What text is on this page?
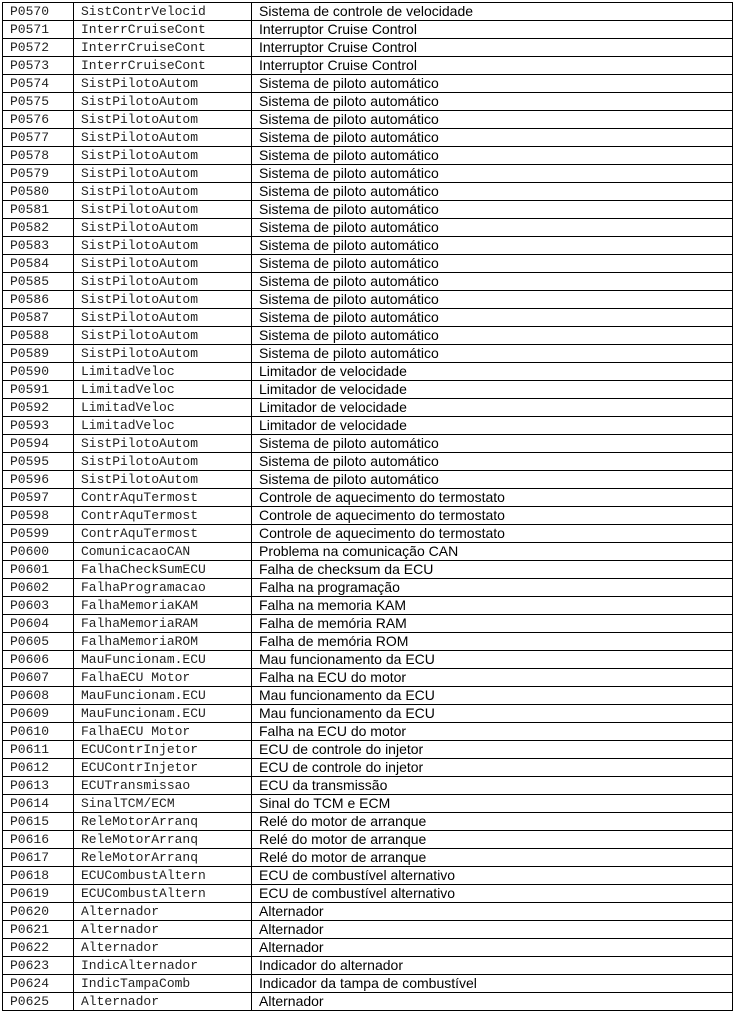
P0570	SistContrVelocid	Sistema de controle de velocidade
P0571	InterrCruiseCont	Interruptor Cruise Control
P0572	InterrCruiseCont	Interruptor Cruise Control
P0573	InterrCruiseCont	Interruptor Cruise Control
P0574	SistPilotoAutom	Sistema de piloto automático
P0575	SistPilotoAutom	Sistema de piloto automático
P0576	SistPilotoAutom	Sistema de piloto automático
P0577	SistPilotoAutom	Sistema de piloto automático
P0578	SistPilotoAutom	Sistema de piloto automático
P0579	SistPilotoAutom	Sistema de piloto automático
P0580	SistPilotoAutom	Sistema de piloto automático
P0581	SistPilotoAutom	Sistema de piloto automático
P0582	SistPilotoAutom	Sistema de piloto automático
P0583	SistPilotoAutom	Sistema de piloto automático
P0584	SistPilotoAutom	Sistema de piloto automático
P0585	SistPilotoAutom	Sistema de piloto automático
P0586	SistPilotoAutom	Sistema de piloto automático
P0587	SistPilotoAutom	Sistema de piloto automático
P0588	SistPilotoAutom	Sistema de piloto automático
P0589	SistPilotoAutom	Sistema de piloto automático
P0590	LimitadVeloc	Limitador de velocidade
P0591	LimitadVeloc	Limitador de velocidade
P0592	LimitadVeloc	Limitador de velocidade
P0593	LimitadVeloc	Limitador de velocidade
P0594	SistPilotoAutom	Sistema de piloto automático
P0595	SistPilotoAutom	Sistema de piloto automático
P0596	SistPilotoAutom	Sistema de piloto automático
P0597	ContrAquTermost	Controle de aquecimento do termostato
P0598	ContrAquTermost	Controle de aquecimento do termostato
P0599	ContrAquTermost	Controle de aquecimento do termostato
P0600	ComunicacaoCAN	Problema na comunicação CAN
P0601	FalhaCheckSumECU	Falha de checksum da ECU
P0602	FalhaProgramacao	Falha na programação
P0603	FalhaMemoriaKAM	Falha na memoria KAM
P0604	FalhaMemoriaRAM	Falha de memória RAM
P0605	FalhaMemoriaROM	Falha de memória ROM
P0606	MauFuncionam.ECU	Mau funcionamento da ECU
P0607	FalhaECU Motor	Falha na ECU do motor
P0608	MauFuncionam.ECU	Mau funcionamento da ECU
P0609	MauFuncionam.ECU	Mau funcionamento da ECU
P0610	FalhaECU Motor	Falha na ECU do motor
P0611	ECUContrInjetor	ECU de controle do injetor
P0612	ECUContrInjetor	ECU de controle do injetor
P0613	ECUTransmissao	ECU da transmissão
P0614	SinalTCM/ECM	Sinal do TCM e ECM
P0615	ReleMotorArranq	Relé do motor de arranque
P0616	ReleMotorArranq	Relé do motor de arranque
P0617	ReleMotorArranq	Relé do motor de arranque
P0618	ECUCombustAltern	ECU de combustível alternativo
P0619	ECUCombustAltern	ECU de combustível alternativo
P0620	Alternador	Alternador
P0621	Alternador	Alternador
P0622	Alternador	Alternador
P0623	IndicAlternador	Indicador do alternador
P0624	IndicTampaComb	Indicador da tampa de combustível
P0625	Alternador	Alternador
